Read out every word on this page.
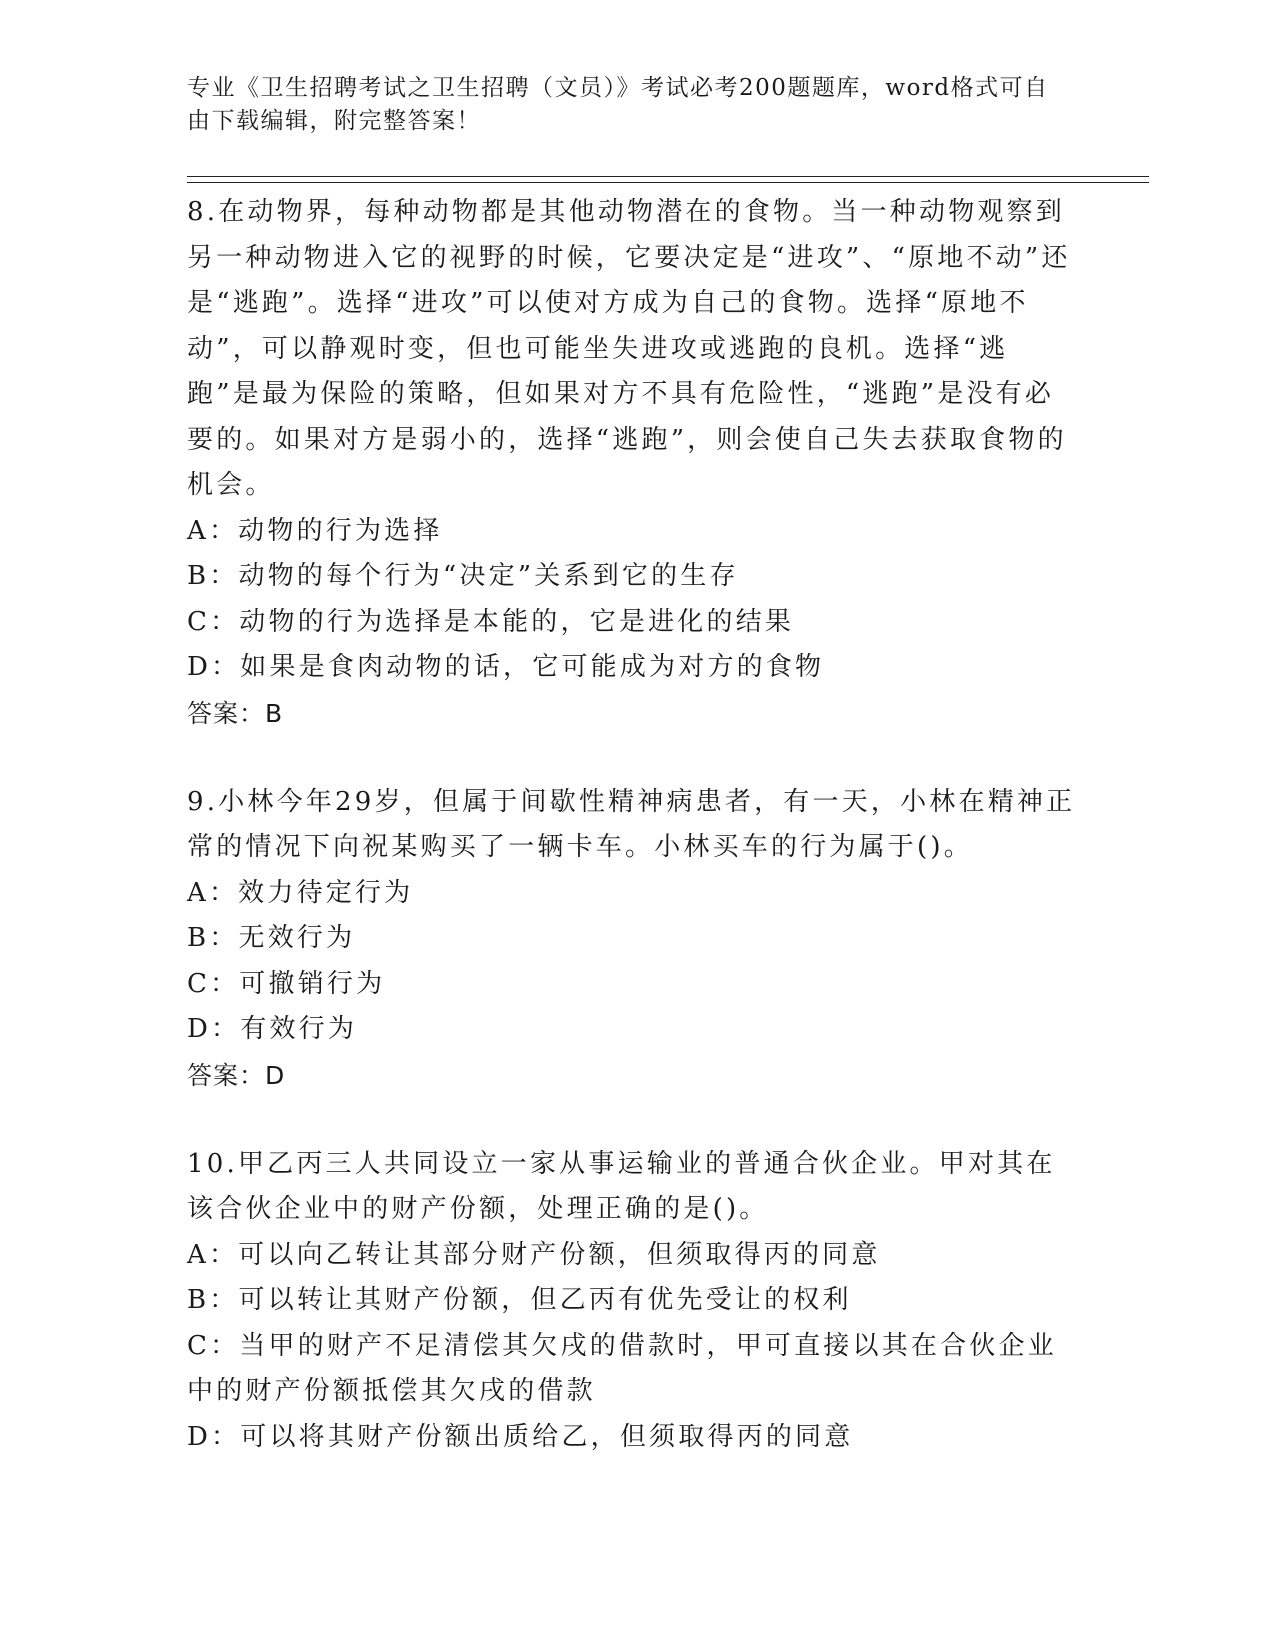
专业《卫生招聘考试之卫生招聘（文员）》考试必考200题题库，word格式可自由下载编辑，附完整答案！

8.在动物界，每种动物都是其他动物潜在的食物。当一种动物观察到另一种动物进入它的视野的时候，它要决定是“进攻”、“原地不动”还是“逃跑”。选择“进攻”可以使对方成为自己的食物。选择“原地不动”，可以静观时变，但也可能坐失进攻或逃跑的良机。选择“逃跑”是最为保险的策略，但如果对方不具有危险性，“逃跑”是没有必要的。如果对方是弱小的，选择“逃跑”，则会使自己失去获取食物的机会。

A：动物的行为选择

B：动物的每个行为“决定”关系到它的生存

C：动物的行为选择是本能的，它是进化的结果

D：如果是食肉动物的话，它可能成为对方的食物

答案：B

9.小林今年29岁，但属于间歇性精神病患者，有一天，小林在精神正常的情况下向祝某购买了一辆卡车。小林买车的行为属于()。

A：效力待定行为

B：无效行为

C：可撤销行为

D：有效行为

答案：D

10.甲乙丙三人共同设立一家从事运输业的普通合伙企业。甲对其在该合伙企业中的财产份额，处理正确的是()。

A：可以向乙转让其部分财产份额，但须取得丙的同意

B：可以转让其财产份额，但乙丙有优先受让的权利

C：当甲的财产不足清偿其欠戌的借款时，甲可直接以其在合伙企业中的财产份额抵偿其欠戌的借款

D：可以将其财产份额出质给乙，但须取得丙的同意
